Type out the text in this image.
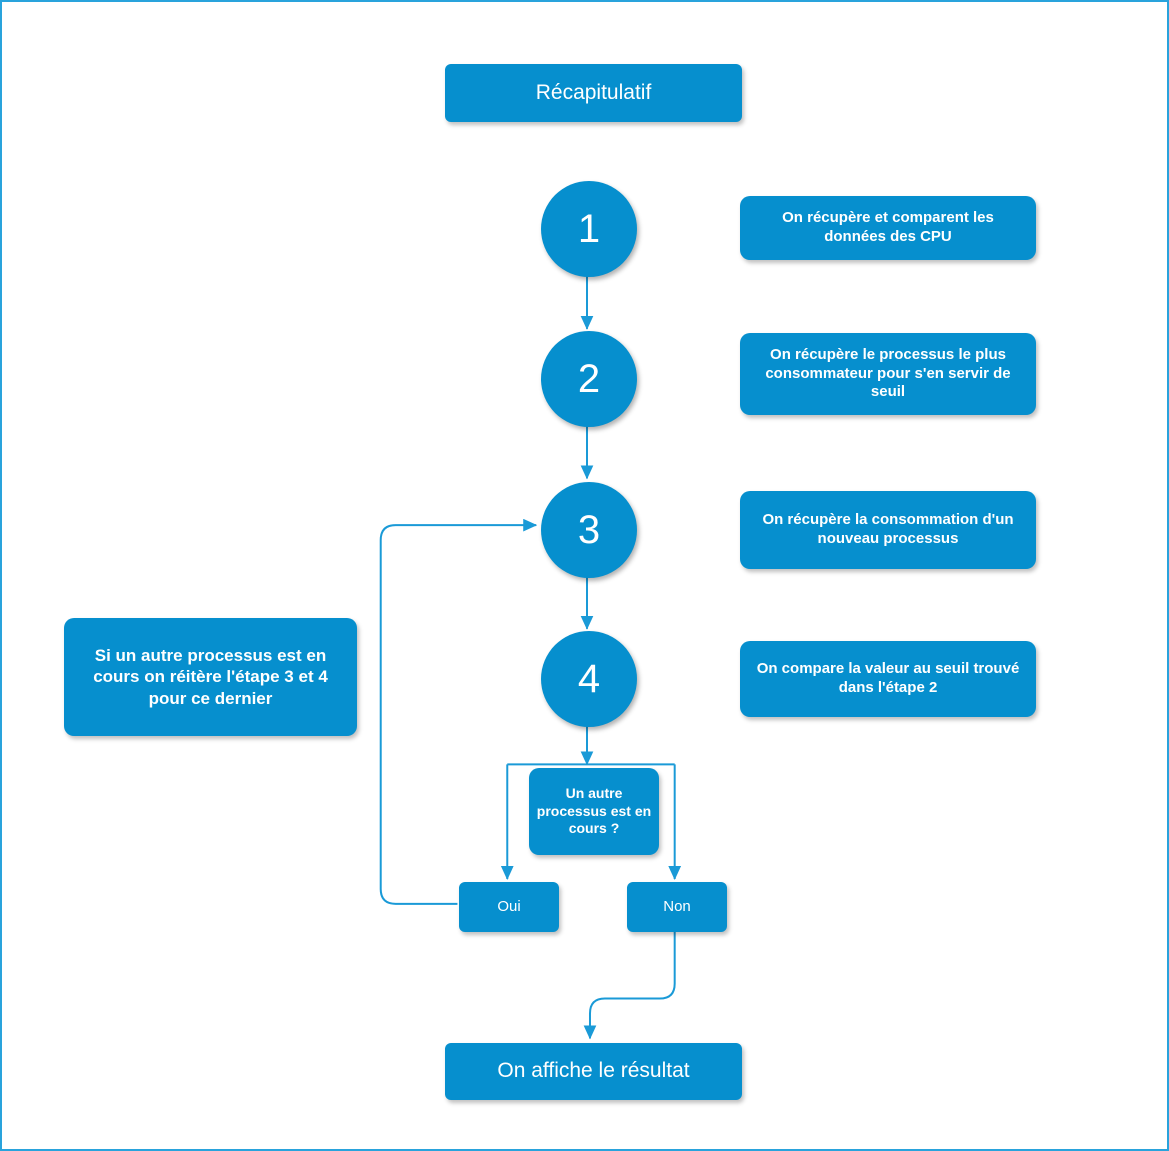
Récapitulatif
1	On récupère et comparent les données des CPU
2
On récupère le processus le plus consommateur pour s'en servir de seuil
3	On récupère la consommation d'un nouveau processus
4	On compare la valeur au seuil trouvé dans l'étape 2
Si un autre processus est en cours on réitère l'étape 3 et 4 pour ce dernier
Un autre processus est en cours ?
Oui	Non
On affiche le résultat
